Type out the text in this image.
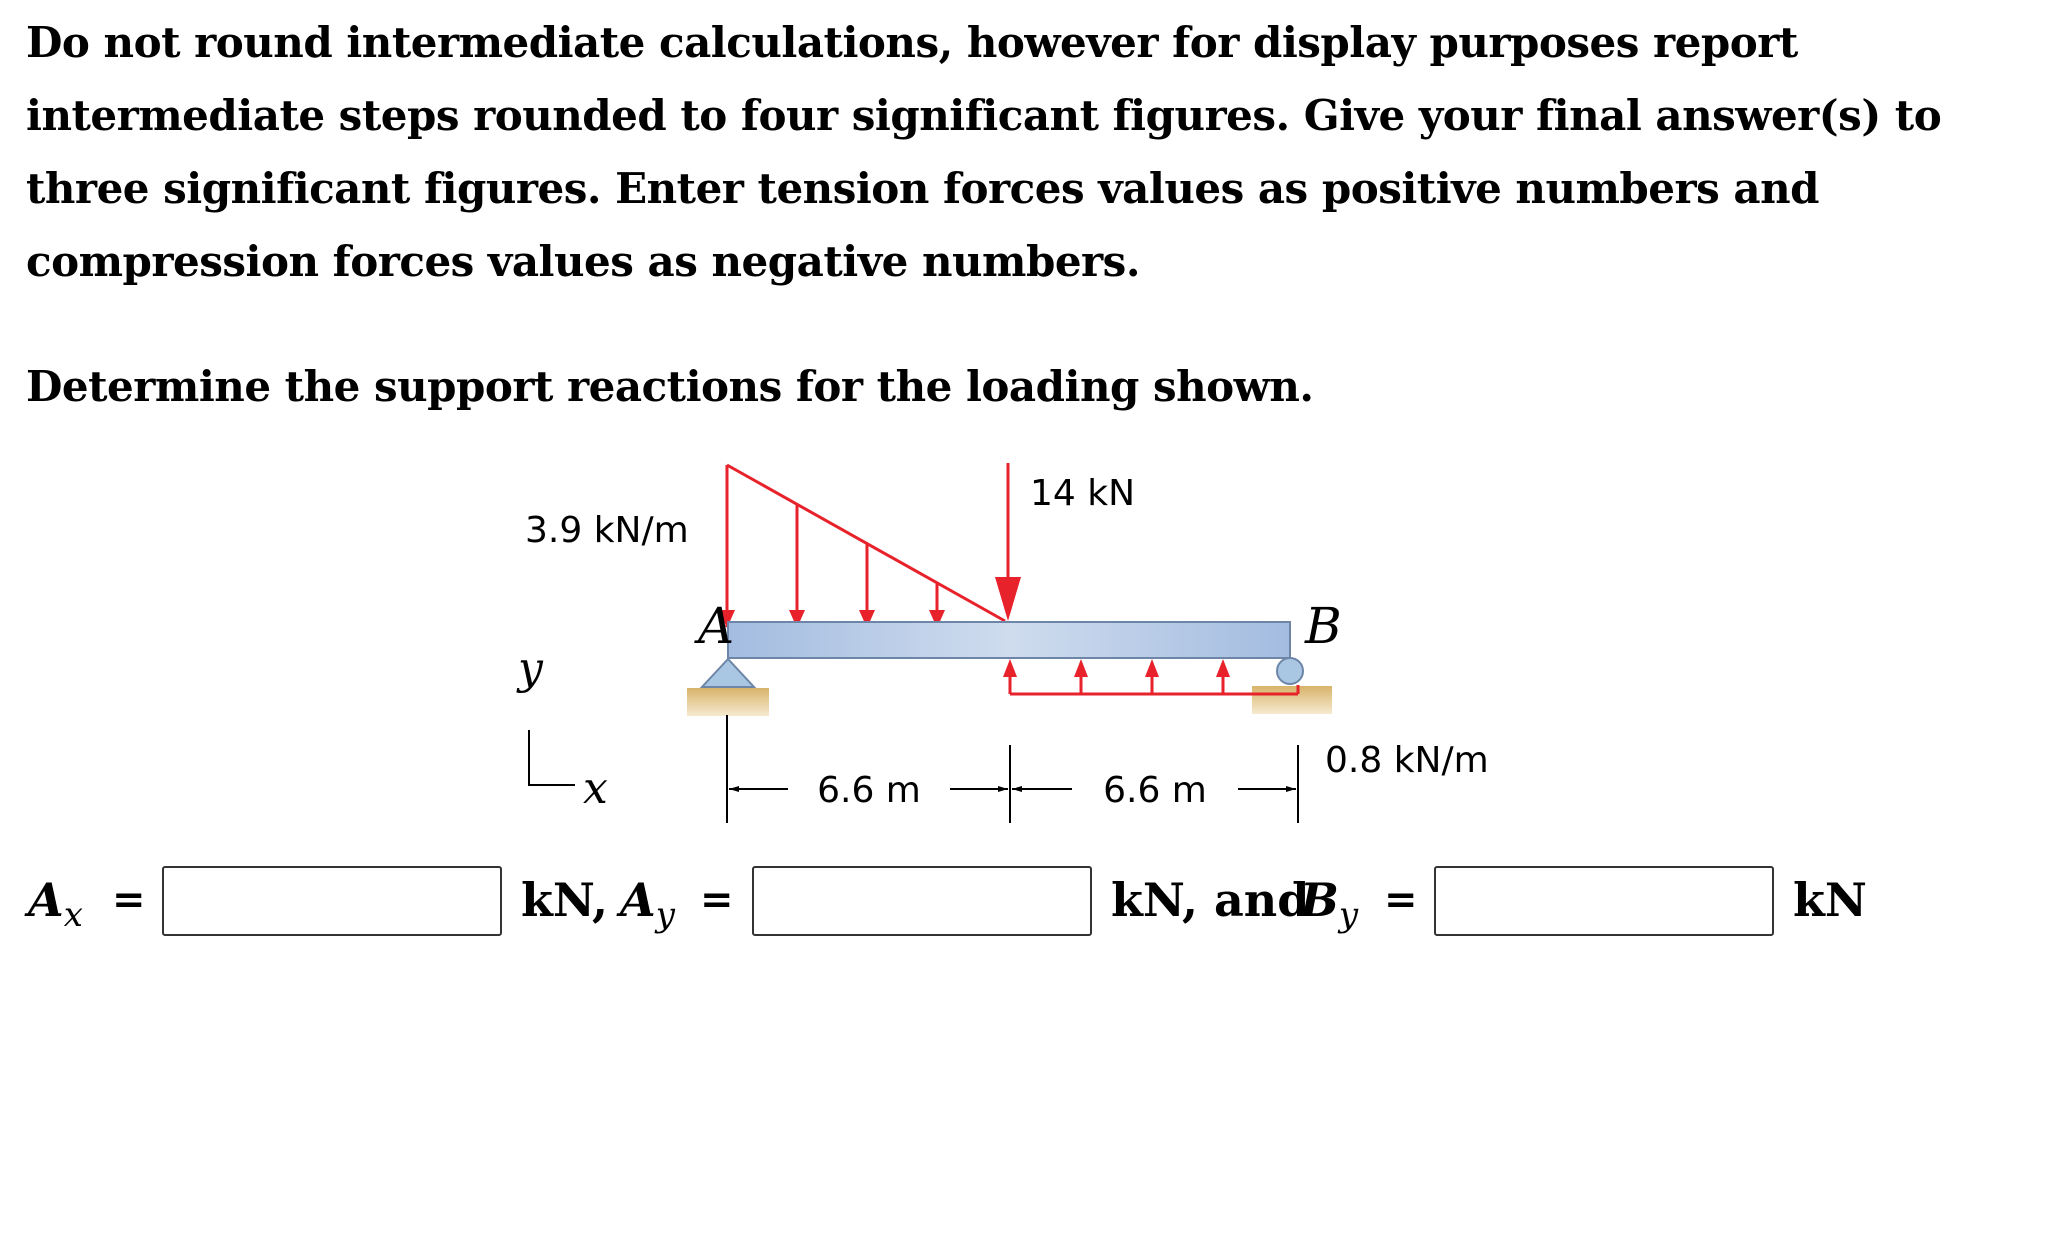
Do not round intermediate calculations, however for display purposes report intermediate steps rounded to four significant figures. Give your final answer(s) to three significant figures. Enter tension forces values as positive numbers and compression forces values as negative numbers.

Determine the support reactions for the loading shown.

3.9 kN/m
14 kN
A	B
0.8 kN/m
y
x	6.6 m	6.6 m
$A_x$ =	kN, $A_y$ =	kN, and
$B_y$ =	kN
